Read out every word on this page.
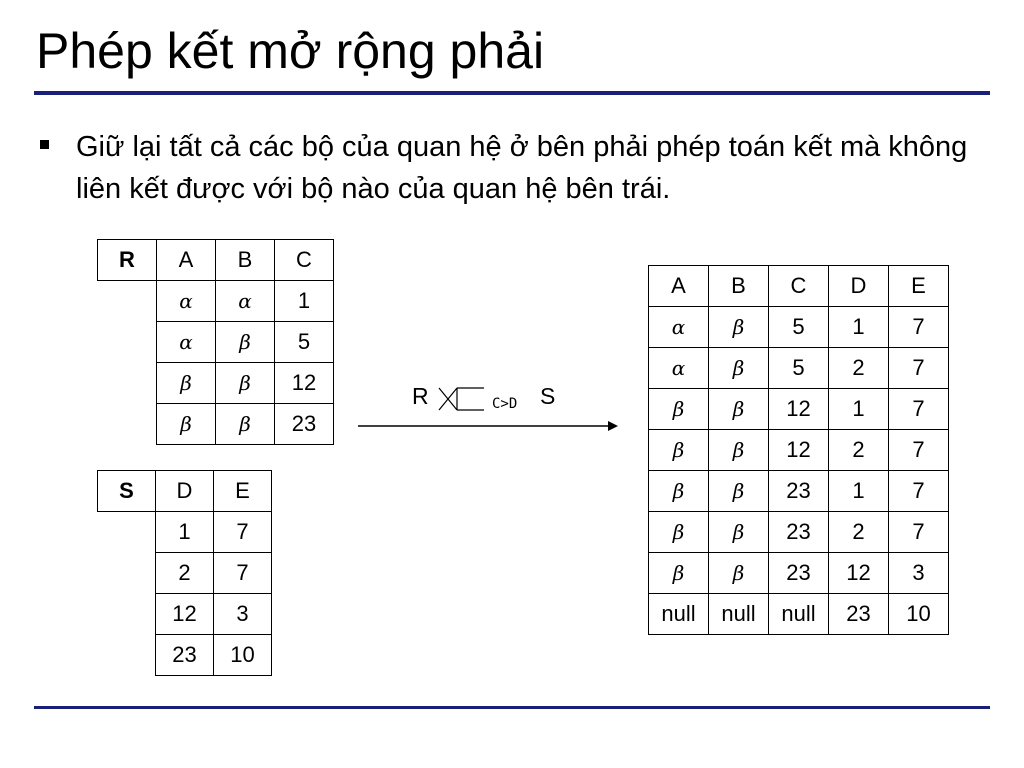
Phép kết mở rộng phải
Giữ lại tất cả các bộ của quan hệ ở bên phải phép toán kết mà không liên kết được với bộ nào của quan hệ bên trái.
R	A	B	C
	α	α	1
	α	β	5
	β	β	12
	β	β	23
S	D	E
	1	7
	2	7
	12	3
	23	10
R	C>D S
A	B	C	D	E
α	β	5	1	7
α	β	5	2	7
β	β	12	1	7
β	β	12	2	7
β	β	23	1	7
β	β	23	2	7
β	β	23	12	3
null	null	null	23	10
